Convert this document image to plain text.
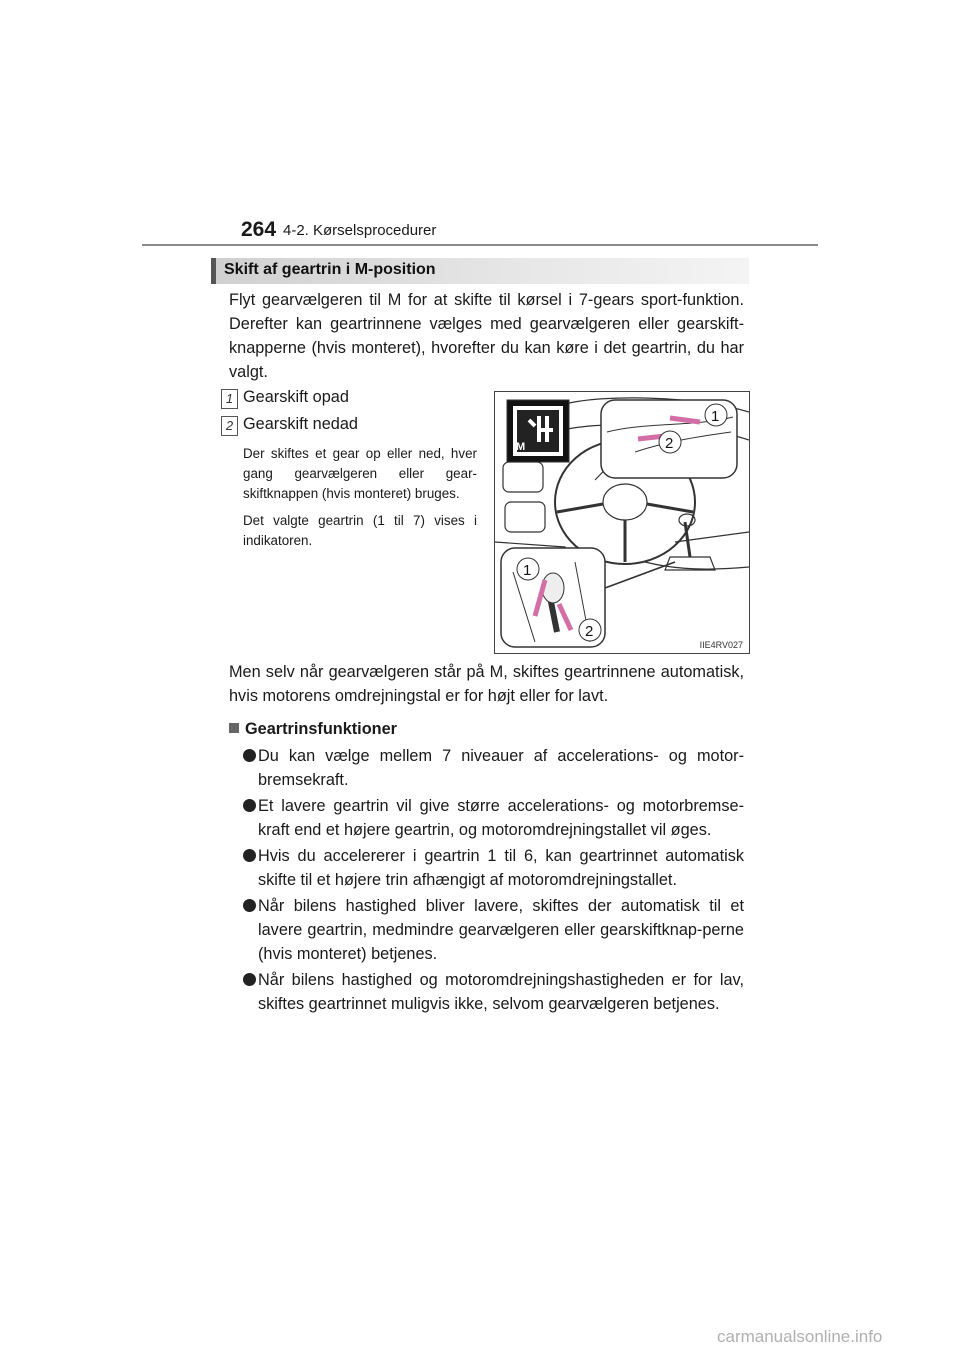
264 4-2. Kørselsprocedurer
Skift af geartrin i M-position
Flyt gearvælgeren til M for at skifte til kørsel i 7-gears sport-funktion. Derefter kan geartrinnene vælges med gearvælgeren eller gearskift-knapperne (hvis monteret), hvorefter du kan køre i det geartrin, du har valgt.
1 Gearskift opad
2 Gearskift nedad
Der skiftes et gear op eller ned, hver gang gearvælgeren eller gear-skiftknappen (hvis monteret) bruges.
Det valgte geartrin (1 til 7) vises i indikatoren.
M
1
2
1
2
IIE4RV027
Men selv når gearvælgeren står på M, skiftes geartrinnene automatisk, hvis motorens omdrejningstal er for højt eller for lavt.
Geartrinsfunktioner
Du kan vælge mellem 7 niveauer af accelerations- og motor-bremsekraft.
Et lavere geartrin vil give større accelerations- og motorbremse-kraft end et højere geartrin, og motoromdrejningstallet vil øges.
Hvis du accelererer i geartrin 1 til 6, kan geartrinnet automatisk skifte til et højere trin afhængigt af motoromdrejningstallet.
Når bilens hastighed bliver lavere, skiftes der automatisk til et lavere geartrin, medmindre gearvælgeren eller gearskiftknap-perne (hvis monteret) betjenes.
Når bilens hastighed og motoromdrejningshastigheden er for lav, skiftes geartrinnet muligvis ikke, selvom gearvælgeren betjenes.
carmanualsonline.info
